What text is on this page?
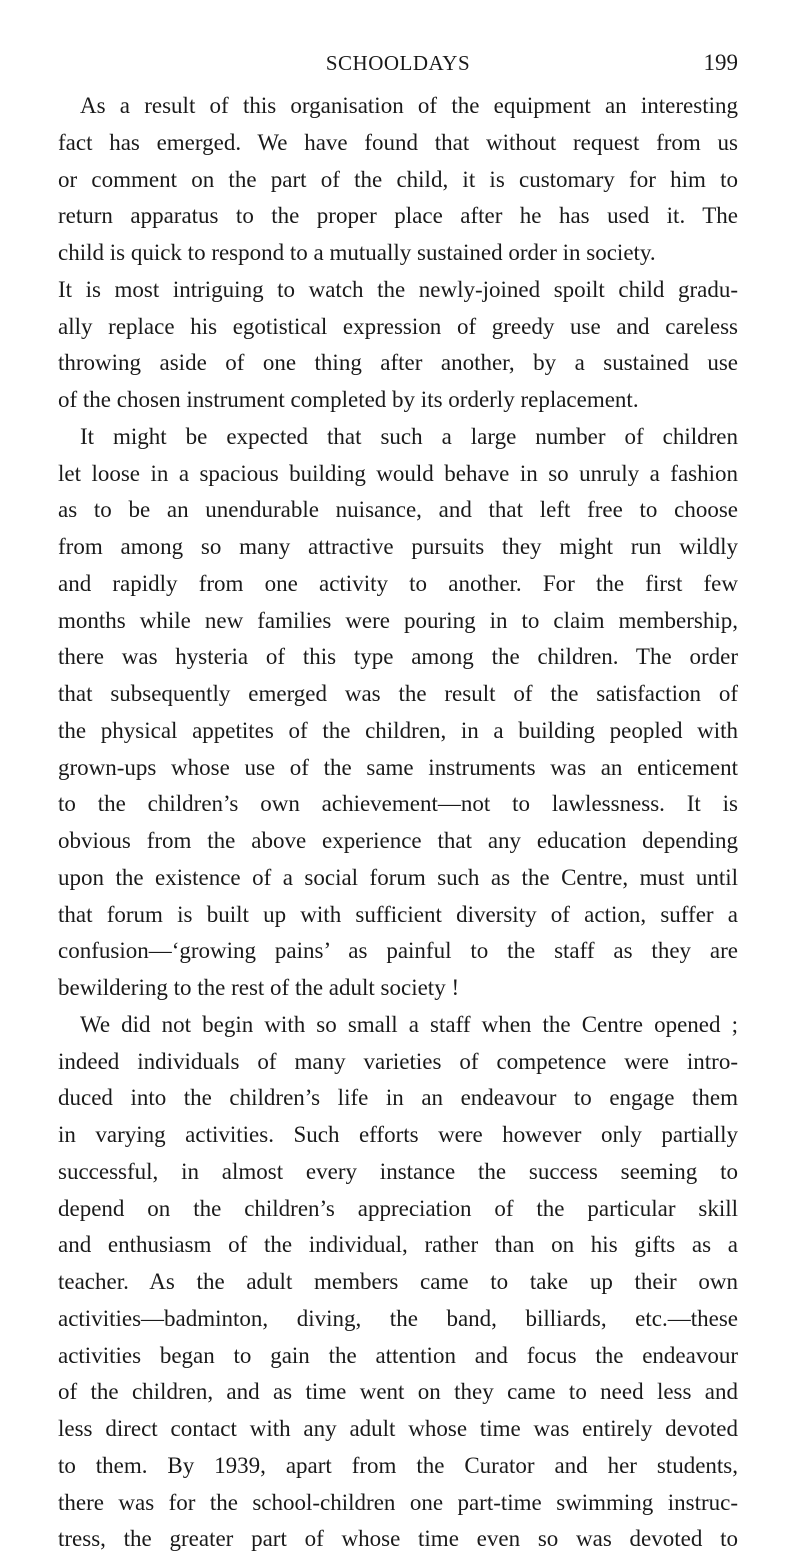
SCHOOLDAYS	199
As a result of this organisation of the equipment an interesting
fact has emerged. We have found that without request from us
or comment on the part of the child, it is customary for him to
return apparatus to the proper place after he has used it. The
child is quick to respond to a mutually sustained order in society.
It is most intriguing to watch the newly-joined spoilt child gradu-
ally replace his egotistical expression of greedy use and careless
throwing aside of one thing after another, by a sustained use
of the chosen instrument completed by its orderly replacement.
It might be expected that such a large number of children
let loose in a spacious building would behave in so unruly a fashion
as to be an unendurable nuisance, and that left free to choose
from among so many attractive pursuits they might run wildly
and rapidly from one activity to another. For the first few
months while new families were pouring in to claim membership,
there was hysteria of this type among the children. The order
that subsequently emerged was the result of the satisfaction of
the physical appetites of the children, in a building peopled with
grown-ups whose use of the same instruments was an enticement
to the children’s own achievement—not to lawlessness. It is
obvious from the above experience that any education depending
upon the existence of a social forum such as the Centre, must until
that forum is built up with sufficient diversity of action, suffer a
confusion—‘growing pains’ as painful to the staff as they are
bewildering to the rest of the adult society !
We did not begin with so small a staff when the Centre opened ;
indeed individuals of many varieties of competence were intro-
duced into the children’s life in an endeavour to engage them
in varying activities. Such efforts were however only partially
successful, in almost every instance the success seeming to
depend on the children’s appreciation of the particular skill
and enthusiasm of the individual, rather than on his gifts as a
teacher. As the adult members came to take up their own
activities—badminton, diving, the band, billiards, etc.—these
activities began to gain the attention and focus the endeavour
of the children, and as time went on they came to need less and
less direct contact with any adult whose time was entirely devoted
to them. By 1939, apart from the Curator and her students,
there was for the school-children one part-time swimming instruc-
tress, the greater part of whose time even so was devoted to
